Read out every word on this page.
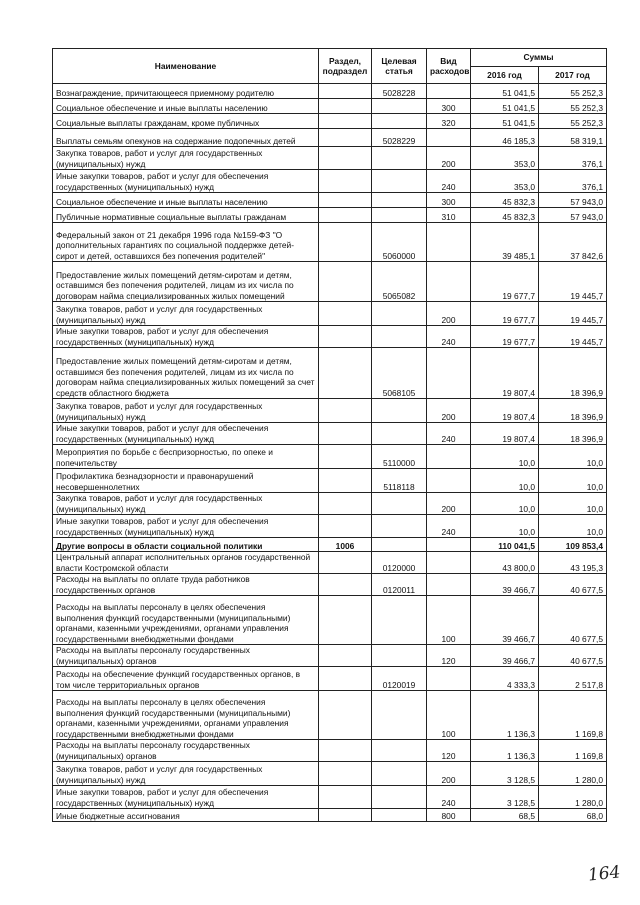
Наименование	Раздел, подраздел	Целевая статья	Вид расходов	Суммы	
				2016 год	2017 год
Вознаграждение, причитающееся приемному родителю		5028228		51 041,5	55 252,3
Социальное обеспечение и иные выплаты населению			300	51 041,5	55 252,3
Социальные выплаты гражданам, кроме публичных			320	51 041,5	55 252,3
Выплаты семьям опекунов на содержание подопечных детей		5028229		46 185,3	58 319,1
Закупка товаров, работ и услуг для государственных (муниципальных) нужд			200	353,0	376,1
Иные закупки товаров, работ и услуг для обеспечения государственных (муниципальных) нужд			240	353,0	376,1
Социальное обеспечение и иные выплаты населению			300	45 832,3	57 943,0
Публичные нормативные социальные выплаты гражданам			310	45 832,3	57 943,0
Федеральный закон от 21 декабря 1996 года №159-ФЗ "О дополнительных гарантиях по социальной поддержке детей-сирот и детей, оставшихся без попечения родителей"		5060000		39 485,1	37 842,6
Предоставление жилых помещений детям-сиротам и детям, оставшимся без попечения родителей, лицам из их числа по договорам найма специализированных жилых помещений		5065082		19 677,7	19 445,7
Закупка товаров, работ и услуг для государственных (муниципальных) нужд			200	19 677,7	19 445,7
Иные закупки товаров, работ и услуг для обеспечения государственных (муниципальных) нужд			240	19 677,7	19 445,7
Предоставление жилых помещений детям-сиротам и детям, оставшимся без попечения родителей, лицам из их числа по договорам найма специализированных жилых помещений за счет средств областного бюджета		5068105		19 807,4	18 396,9
Закупка товаров, работ и услуг для государственных (муниципальных) нужд			200	19 807,4	18 396,9
Иные закупки товаров, работ и услуг для обеспечения государственных (муниципальных) нужд			240	19 807,4	18 396,9
Мероприятия по борьбе с беспризорностью, по опеке и попечительству		5110000		10,0	10,0
Профилактика безнадзорности и правонарушений несовершеннолетних		5118118		10,0	10,0
Закупка товаров, работ и услуг для государственных (муниципальных) нужд			200	10,0	10,0
Иные закупки товаров, работ и услуг для обеспечения государственных (муниципальных) нужд			240	10,0	10,0
Другие вопросы в области социальной политики	1006			110 041,5	109 853,4
Центральный аппарат исполнительных органов государственной власти Костромской области		0120000		43 800,0	43 195,3
Расходы на выплаты по оплате труда работников государственных органов		0120011		39 466,7	40 677,5
Расходы на выплаты персоналу в целях обеспечения выполнения функций государственными (муниципальными) органами, казенными учреждениями, органами управления государственными внебюджетными фондами			100	39 466,7	40 677,5
Расходы на выплаты персоналу государственных (муниципальных) органов			120	39 466,7	40 677,5
Расходы на обеспечение функций государственных органов, в том числе территориальных органов		0120019		4 333,3	2 517,8
Расходы на выплаты персоналу в целях обеспечения выполнения функций государственными (муниципальными) органами, казенными учреждениями, органами управления государственными внебюджетными фондами			100	1 136,3	1 169,8
Расходы на выплаты персоналу государственных (муниципальных) органов			120	1 136,3	1 169,8
Закупка товаров, работ и услуг для государственных (муниципальных) нужд			200	3 128,5	1 280,0
Иные закупки товаров, работ и услуг для обеспечения государственных (муниципальных) нужд			240	3 128,5	1 280,0
Иные бюджетные ассигнования			800	68,5	68,0
164
